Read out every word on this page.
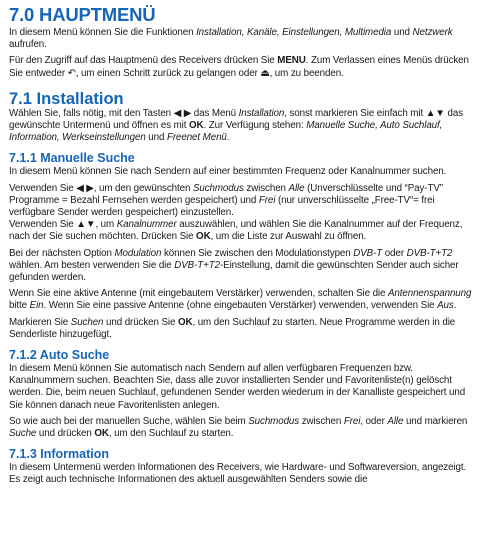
7.0 HAUPTMENÜ

In diesem Menü können Sie die Funktionen Installation, Kanäle, Einstellungen, Multimedia und Netzwerk aufrufen.

Für den Zugriff auf das Hauptmenü des Receivers drücken Sie MENU. Zum Verlassen eines Menüs drücken Sie entweder ↶, um einen Schritt zurück zu gelangen oder ⏏, um zu beenden.

7.1 Installation

Wählen Sie, falls nötig, mit den Tasten ◀ ▶ das Menü Installation, sonst markieren Sie einfach mit ▲▼ das gewünschte Untermenü und öffnen es mit OK. Zur Verfügung stehen: Manuelle Suche, Auto Suchlauf, Information, Werkseinstellungen und Freenet Menü.

7.1.1 Manuelle Suche

In diesem Menü können Sie nach Sendern auf einer bestimmten Frequenz oder Kanalnummer suchen.

Verwenden Sie ◀ ▶, um den gewünschten Suchmodus zwischen Alle (Unverschlüsselte und “Pay-TV” Programme = Bezahl Fernsehen werden gespeichert) und Frei (nur unverschlüsselte „Free-TV“= frei verfügbare Sender werden gespeichert) einzustellen.

Verwenden Sie ▲▼, um Kanalnummer auszuwählen, und wählen Sie die Kanalnummer auf der Frequenz, nach der Sie suchen möchten. Drücken Sie OK, um die Liste zur Auswahl zu öffnen.

Bei der nächsten Option Modulation können Sie zwischen den Modulationstypen DVB-T oder DVB-T+T2 wählen. Am besten verwenden Sie die DVB-T+T2-Einstellung, damit die gewünschten Sender auch sicher gefunden werden.

Wenn Sie eine aktive Antenne (mit eingebautem Verstärker) verwenden, schalten Sie die Antennenspannung bitte Ein. Wenn Sie eine passive Antenne (ohne eingebauten Verstärker) verwenden, verwenden Sie Aus.

Markieren Sie Suchen und drücken Sie OK, um den Suchlauf zu starten. Neue Programme werden in die Senderliste hinzugefügt.

7.1.2 Auto Suche

In diesem Menü können Sie automatisch nach Sendern auf allen verfügbaren Frequenzen bzw. Kanalnummern suchen. Beachten Sie, dass alle zuvor installierten Sender und Favoritenliste(n) gelöscht werden. Die, beim neuen Suchlauf, gefundenen Sender werden wiederum in der Kanalliste gespeichert und Sie können danach neue Favoritenlisten anlegen.

So wie auch bei der manuellen Suche, wählen Sie beim Suchmodus zwischen Frei, oder Alle und markieren Suche und drücken OK, um den Suchlauf zu starten.

7.1.3 Information

In diesem Untermenü werden Informationen des Receivers, wie Hardware- und Softwareversion, angezeigt. Es zeigt auch technische Informationen des aktuell ausgewählten Senders sowie die
